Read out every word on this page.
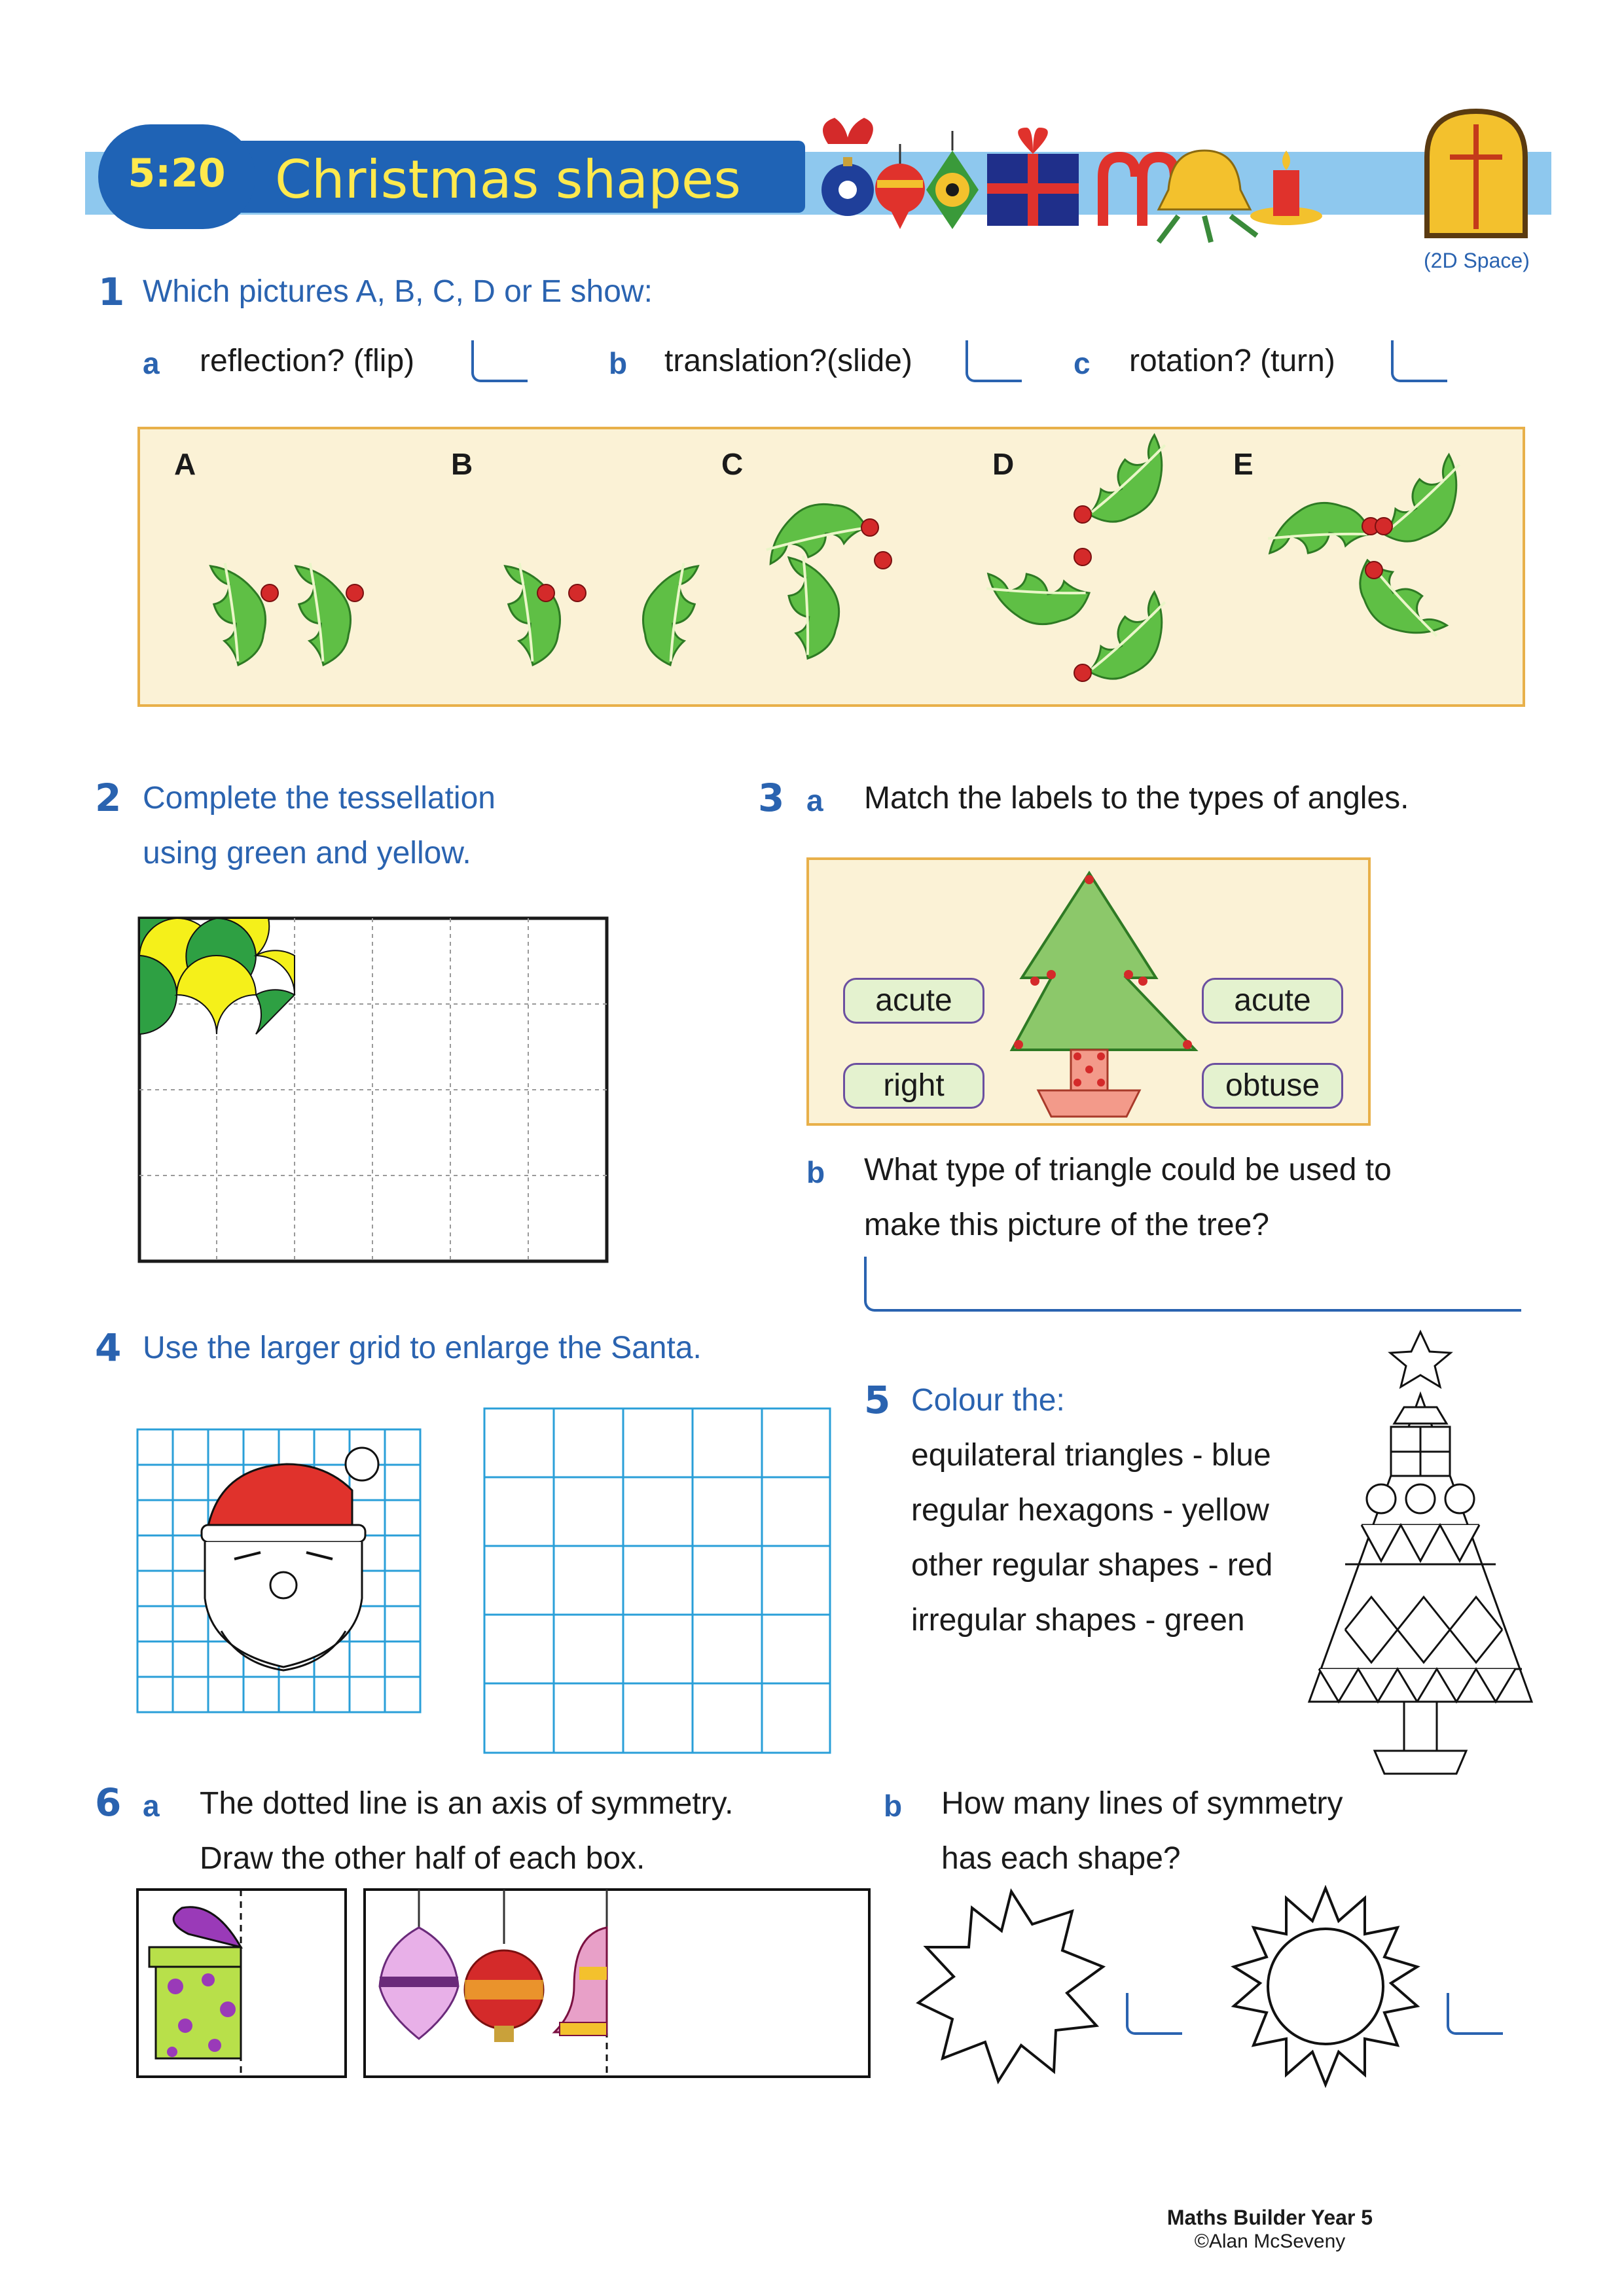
5:20 Christmas shapes
(2D Space)
1 Which pictures A, B, C, D or E show:
a reflection? (flip)	b translation?(slide)	c rotation? (turn)
A	B	C	D	E
2 Complete the tessellation
using green and yellow.
3 a Match the labels to the types of angles.
acute
right
acute
obtuse
b What type of triangle could be used to
make this picture of the tree?
4 Use the larger grid to enlarge the Santa.
5 Colour the:
equilateral triangles - blue
regular hexagons - yellow
other regular shapes - red
irregular shapes - green
6 a The dotted line is an axis of symmetry.
Draw the other half of each box.
b How many lines of symmetry
has each shape?
Maths Builder Year 5
©Alan McSeveny
